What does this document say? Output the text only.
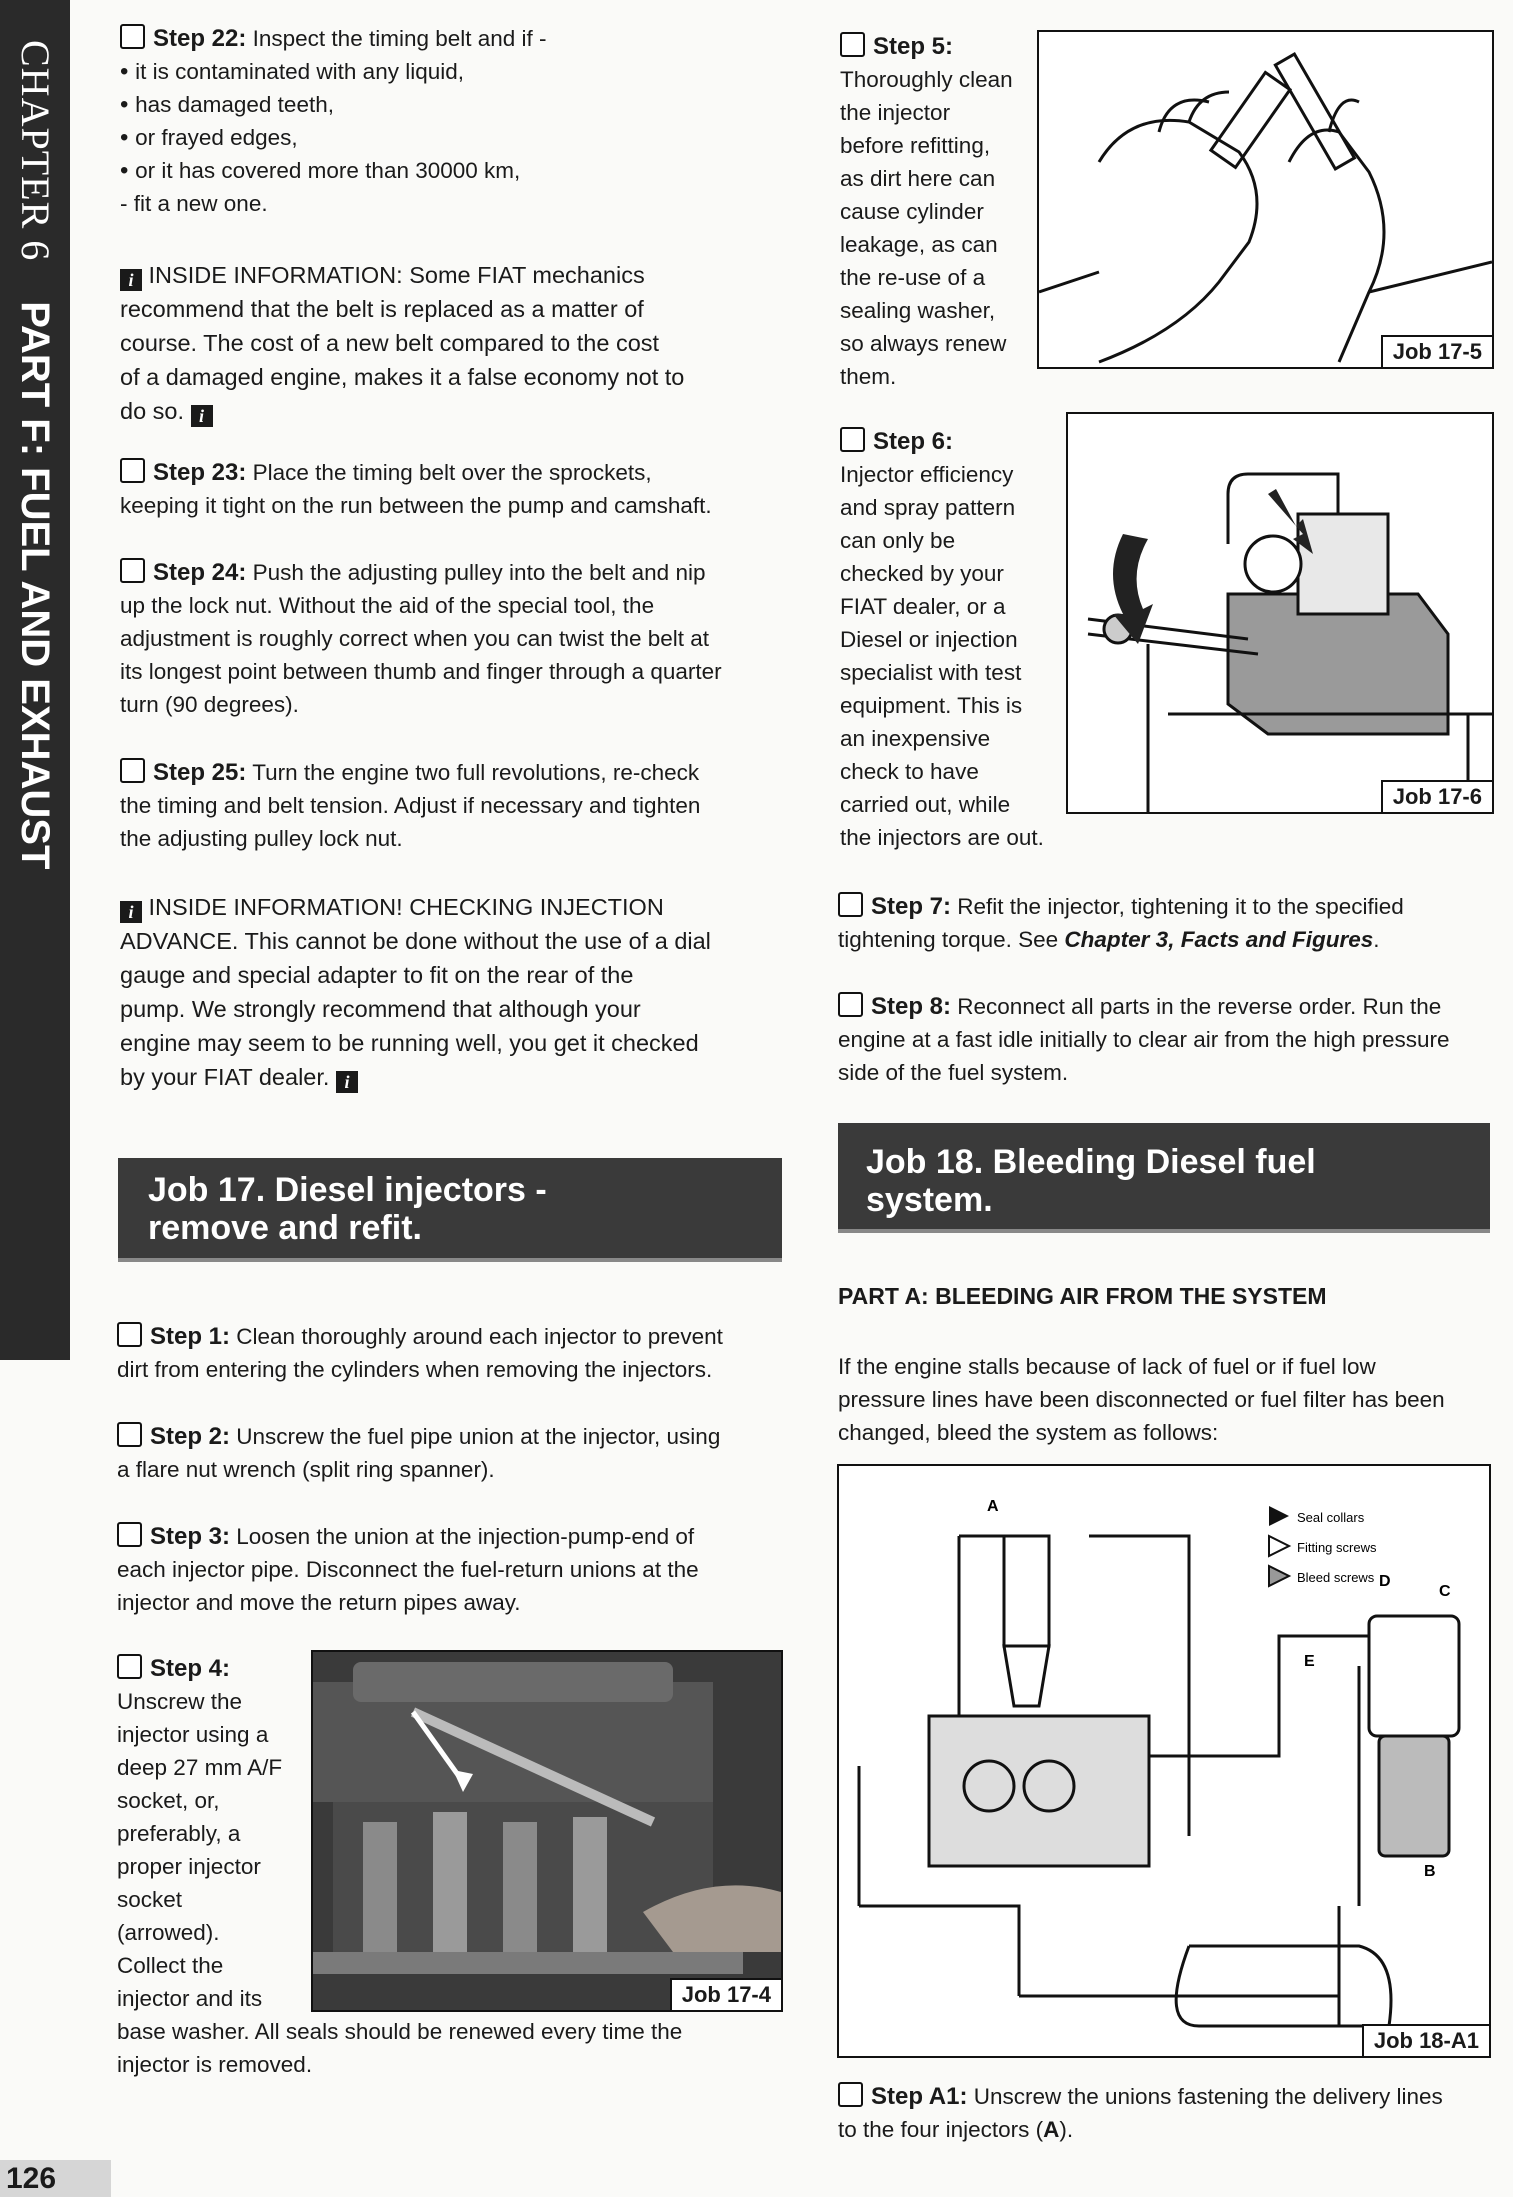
CHAPTER 6PART F: FUEL AND EXHAUST
126

Step 22: Inspect the timing belt and if -

• it is contaminated with any liquid,

• has damaged teeth,

• or frayed edges,

• or it has covered more than 30000 km,

- fit a new one.

i INSIDE INFORMATION: Some FIAT mechanics

recommend that the belt is replaced as a matter of

course. The cost of a new belt compared to the cost

of a damaged engine, makes it a false economy not to

do so. i

Step 23: Place the timing belt over the sprockets,

keeping it tight on the run between the pump and camshaft.

Step 24: Push the adjusting pulley into the belt and nip

up the lock nut. Without the aid of the special tool, the

adjustment is roughly correct when you can twist the belt at

its longest point between thumb and finger through a quarter

turn (90 degrees).

Step 25: Turn the engine two full revolutions, re-check

the timing and belt tension. Adjust if necessary and tighten

the adjusting pulley lock nut.

i INSIDE INFORMATION! CHECKING INJECTION

ADVANCE. This cannot be done without the use of a dial

gauge and special adapter to fit on the rear of the

pump. We strongly recommend that although your

engine may seem to be running well, you get it checked

by your FIAT dealer. i

Job 17. Diesel injectors -
remove and refit.

Step 1: Clean thoroughly around each injector to prevent

dirt from entering the cylinders when removing the injectors.

Step 2: Unscrew the fuel pipe union at the injector, using

a flare nut wrench (split ring spanner).

Step 3: Loosen the union at the injection-pump-end of

each injector pipe. Disconnect the fuel-return unions at the

injector and move the return pipes away.

Step 4:

Unscrew the

injector using a

deep 27 mm A/F

socket, or,

preferably, a

proper injector

socket

(arrowed).

Collect the

injector and its

base washer. All seals should be renewed every time the

injector is removed.

Job 17-4

Step 5:

Thoroughly clean

the injector

before refitting,

as dirt here can

cause cylinder

leakage, as can

the re-use of a

sealing washer,

so always renew

them.

Job 17-5

Step 6:

Injector efficiency

and spray pattern

can only be

checked by your

FIAT dealer, or a

Diesel or injection

specialist with test

equipment. This is

an inexpensive

check to have

carried out, while

the injectors are out.

Job 17-6

Step 7: Refit the injector, tightening it to the specified

tightening torque. See Chapter 3, Facts and Figures.

Step 8: Reconnect all parts in the reverse order. Run the

engine at a fast idle initially to clear air from the high pressure

side of the fuel system.

Job 18. Bleeding Diesel fuel
system.

PART A: BLEEDING AIR FROM THE SYSTEM

If the engine stalls because of lack of fuel or if fuel low

pressure lines have been disconnected or fuel filter has been

changed, bleed the system as follows:

Seal collars
Fitting screws
Bleed screws
A
B
C
D
E
Job 18-A1

Step A1: Unscrew the unions fastening the delivery lines

to the four injectors (A).
